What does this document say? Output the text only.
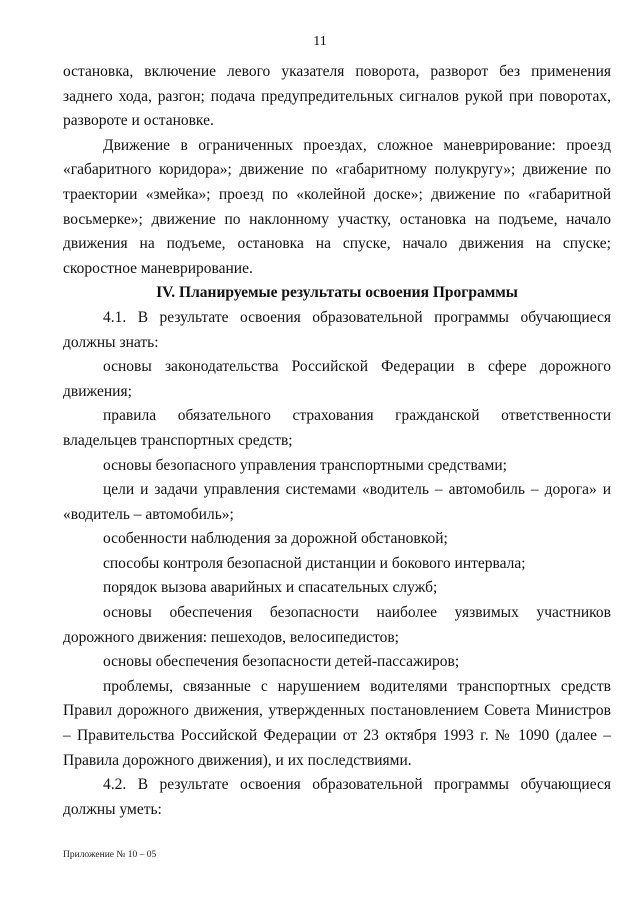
11

остановка, включение левого указателя поворота, разворот без применения заднего хода, разгон; подача предупредительных сигналов рукой при поворотах, развороте и остановке.

Движение в ограниченных проездах, сложное маневрирование: проезд «габаритного коридора»; движение по «габаритному полукругу»; движение по траектории «змейка»; проезд по «колейной доске»; движение по «габаритной восьмерке»; движение по наклонному участку, остановка на подъеме, начало движения на подъеме, остановка на спуске, начало движения на спуске; скоростное маневрирование.

IV. Планируемые результаты освоения Программы

4.1. В результате освоения образовательной программы обучающиеся должны знать:

основы законодательства Российской Федерации в сфере дорожного движения;

правила обязательного страхования гражданской ответственности владельцев транспортных средств;

основы безопасного управления транспортными средствами;

цели и задачи управления системами «водитель – автомобиль – дорога» и «водитель – автомобиль»;

особенности наблюдения за дорожной обстановкой;

способы контроля безопасной дистанции и бокового интервала;

порядок вызова аварийных и спасательных служб;

основы обеспечения безопасности наиболее уязвимых участников дорожного движения: пешеходов, велосипедистов;

основы обеспечения безопасности детей-пассажиров;

проблемы, связанные с нарушением водителями транспортных средств Правил дорожного движения, утвержденных постановлением Совета Министров – Правительства Российской Федерации от 23 октября 1993 г. № 1090 (далее – Правила дорожного движения), и их последствиями.

4.2. В результате освоения образовательной программы обучающиеся должны уметь:

Приложение № 10 – 05
